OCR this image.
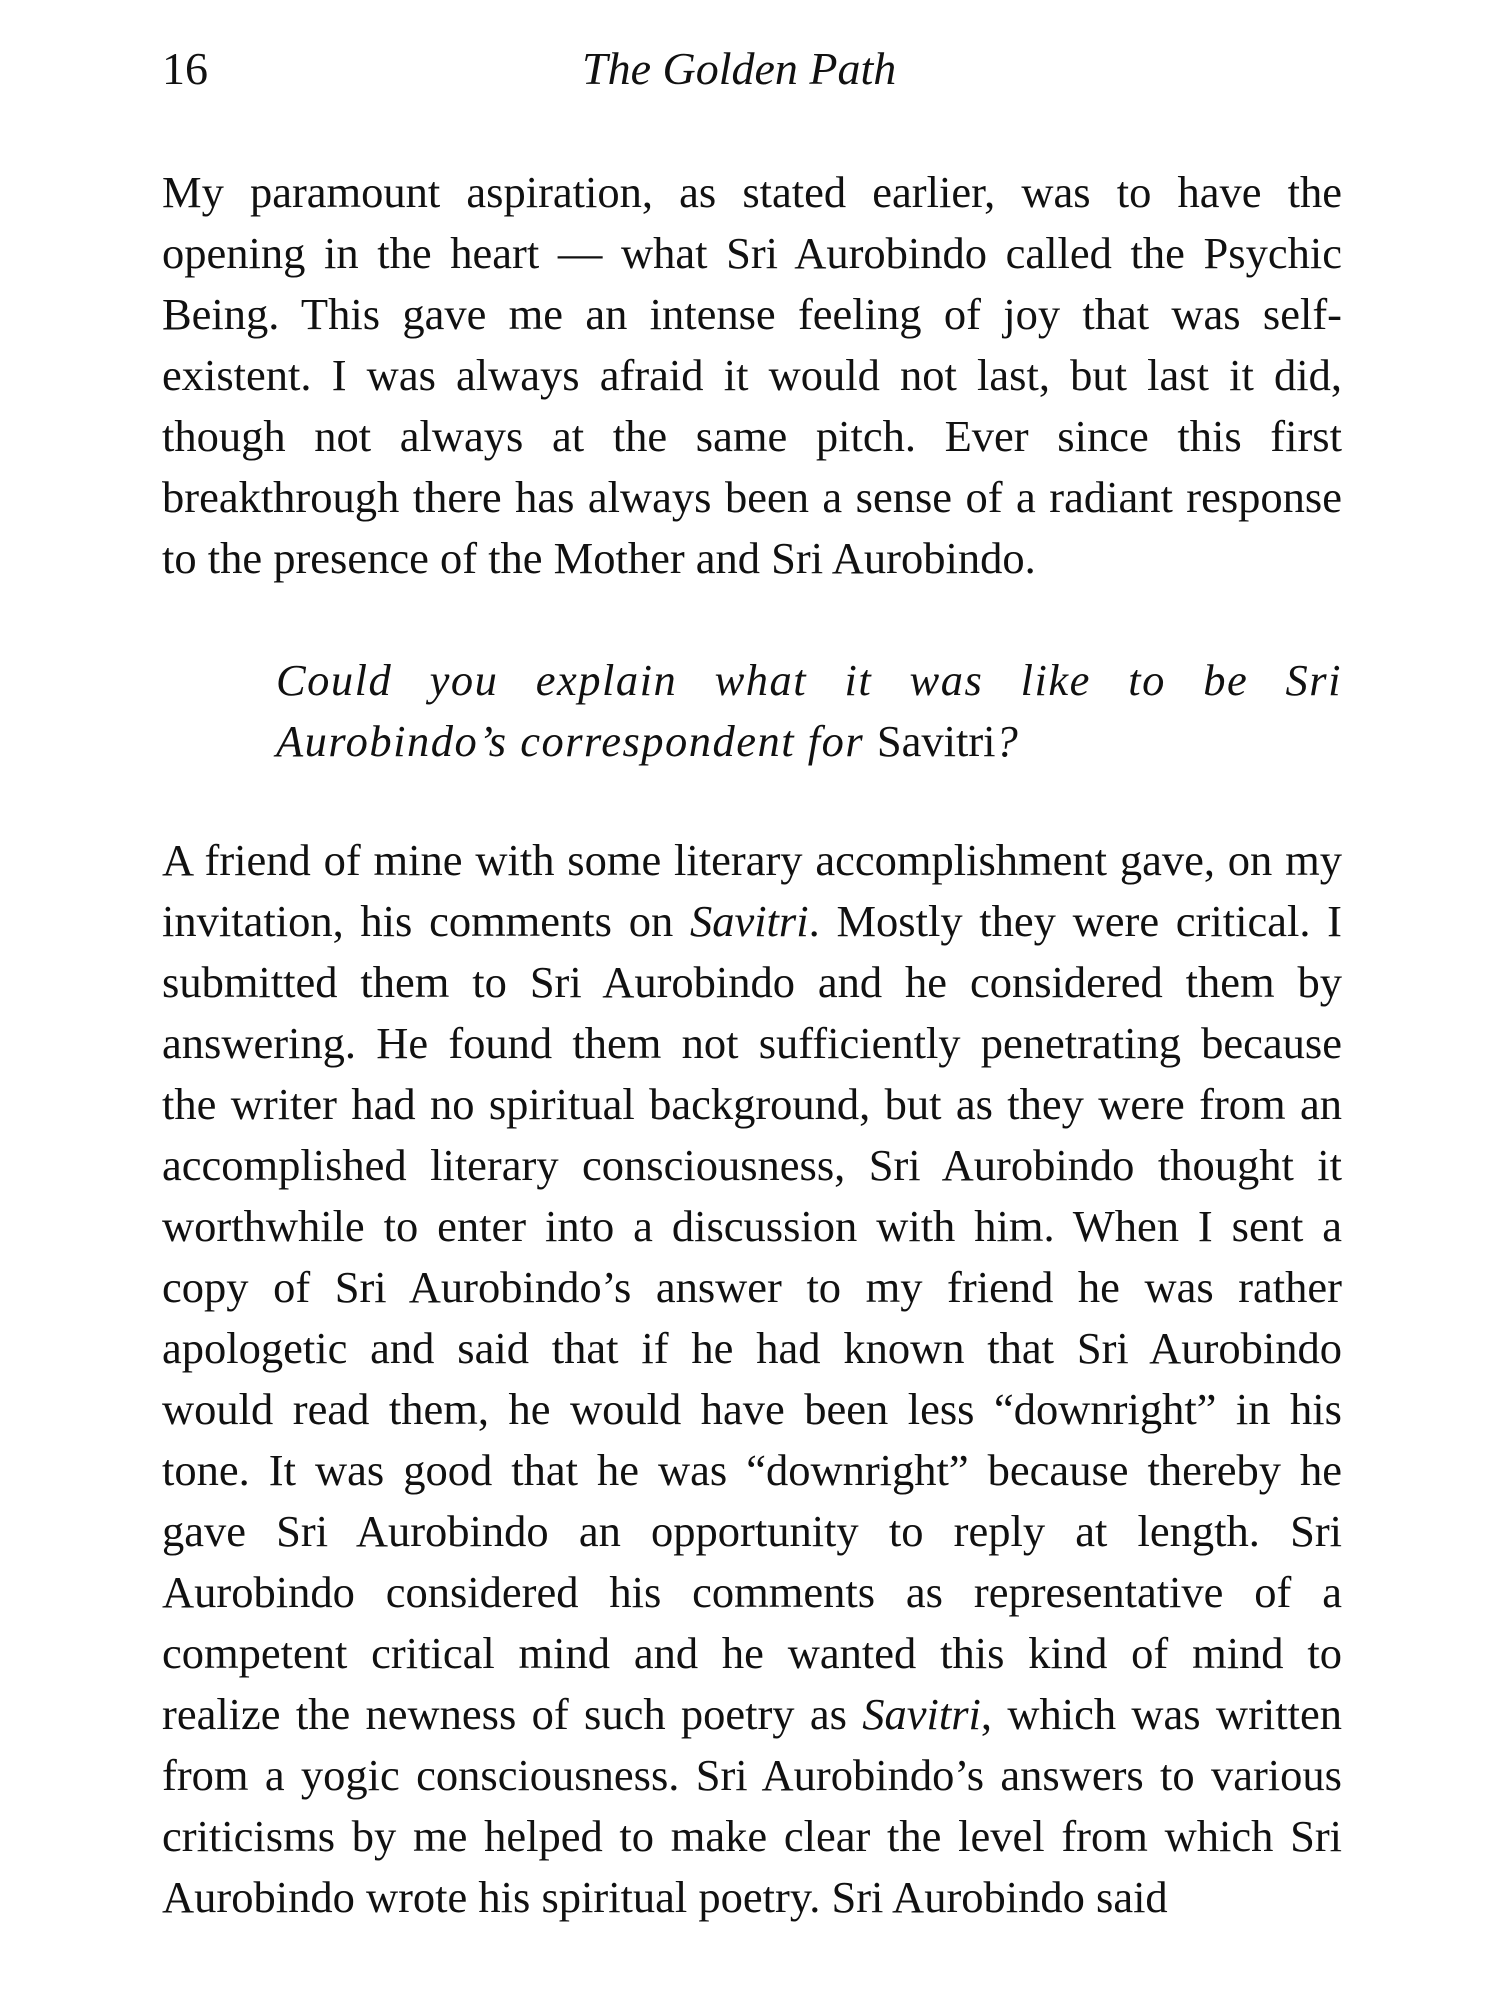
16	The Golden Path

My paramount aspiration, as stated earlier, was to have the opening in the heart — what Sri Aurobindo called the Psychic Being. This gave me an intense feeling of joy that was self-existent. I was always afraid it would not last, but last it did, though not always at the same pitch. Ever since this first breakthrough there has always been a sense of a radiant response to the presence of the Mother and Sri Aurobindo.

Could you explain what it was like to be Sri Aurobindo’s correspondent for Savitri?

A friend of mine with some literary accomplishment gave, on my invitation, his comments on Savitri. Mostly they were critical. I submitted them to Sri Aurobindo and he considered them by answering. He found them not sufficiently penetrating because the writer had no spiritual background, but as they were from an accomplished literary consciousness, Sri Aurobindo thought it worthwhile to enter into a discussion with him. When I sent a copy of Sri Aurobindo’s answer to my friend he was rather apologetic and said that if he had known that Sri Aurobindo would read them, he would have been less “downright” in his tone. It was good that he was “downright” because thereby he gave Sri Aurobindo an opportunity to reply at length. Sri Aurobindo considered his comments as representative of a competent critical mind and he wanted this kind of mind to realize the newness of such poetry as Savitri, which was written from a yogic consciousness. Sri Aurobindo’s answers to various criticisms by me helped to make clear the level from which Sri Aurobindo wrote his spiritual poetry. Sri Aurobindo said
